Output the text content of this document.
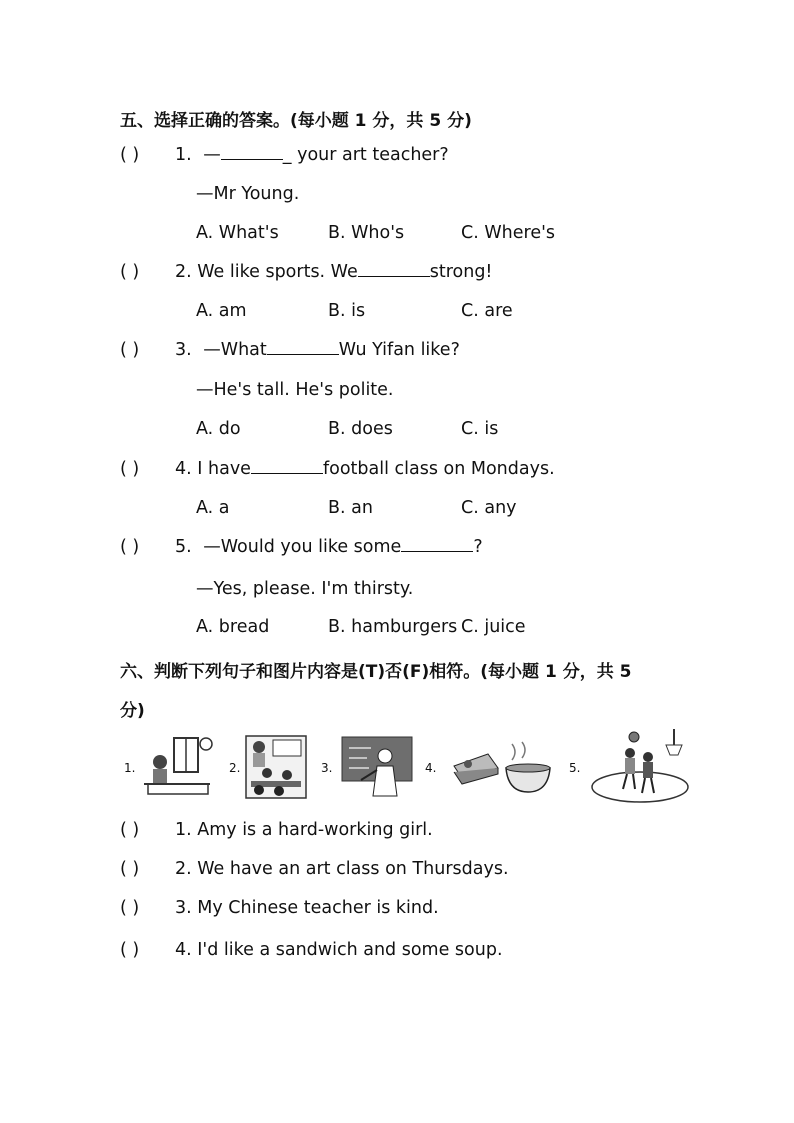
五、选择正确的答案。(每小题 1 分，共 5 分)
( ) 1. —	_ your art teacher?
—Mr Young.
A. What's	B. Who's	C. Where's
( ) 2. We like sports. We	strong!
A. am	B. is	C. are
( ) 3. —What	Wu Yifan like?
—He's tall. He's polite.
A. do	B. does	C. is
( ) 4. I have	football class on Mondays.
A. a	B. an	C. any
( ) 5. —Would you like some	?
—Yes, please. I'm thirsty.
A. bread	B. hamburgers C. juice
六、判断下列句子和图片内容是(T)否(F)相符。(每小题 1 分，共 5
分)
1.	2.	3.	4.	5.
( ) 1. Amy is a hard-working girl.
( ) 2. We have an art class on Thursdays.
( ) 3. My Chinese teacher is kind.
( ) 4. I'd like a sandwich and some soup.
